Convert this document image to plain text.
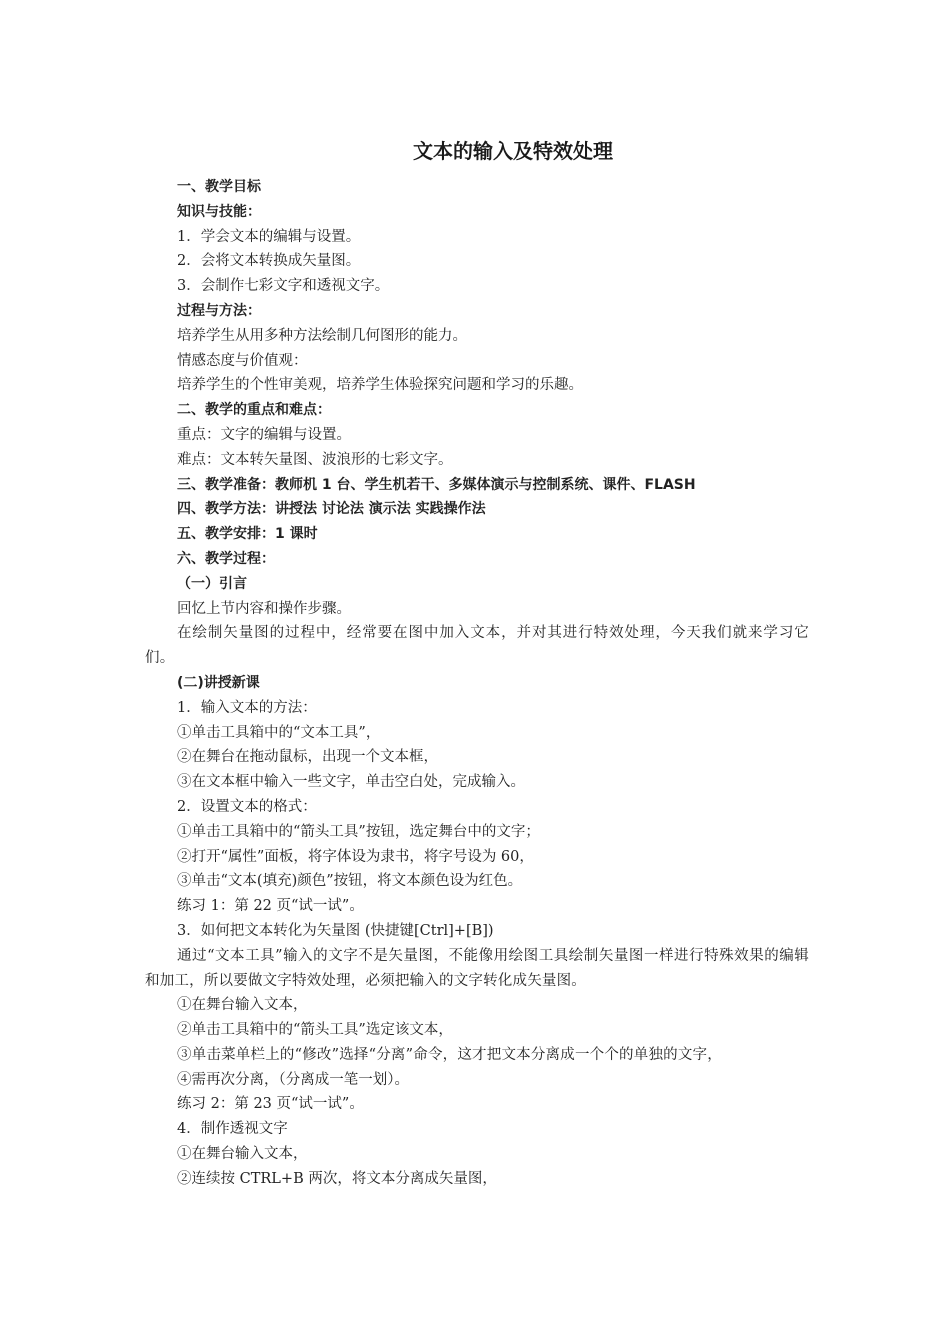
文本的输入及特效处理
一、教学目标
知识与技能：
1．学会文本的编辑与设置。
2．会将文本转换成矢量图。
3．会制作七彩文字和透视文字。
过程与方法：
培养学生从用多种方法绘制几何图形的能力。
情感态度与价值观：
培养学生的个性审美观，培养学生体验探究问题和学习的乐趣。
二、教学的重点和难点：
重点：文字的编辑与设置。
难点：文本转矢量图、波浪形的七彩文字。
三、教学准备：教师机 1 台、学生机若干、多媒体演示与控制系统、课件、FLASH
四、教学方法：讲授法 讨论法 演示法 实践操作法
五、教学安排：1 课时
六、教学过程：
（一）引言
回忆上节内容和操作步骤。
在绘制矢量图的过程中，经常要在图中加入文本，并对其进行特效处理，今天我们就来学习它们。
(二)讲授新课
1．输入文本的方法：
①单击工具箱中的“文本工具”，
②在舞台在拖动鼠标，出现一个文本框，
③在文本框中输入一些文字，单击空白处，完成输入。
2．设置文本的格式：
①单击工具箱中的“箭头工具”按钮，选定舞台中的文字；
②打开“属性”面板，将字体设为隶书，将字号设为 60，
③单击“文本(填充)颜色”按钮，将文本颜色设为红色。
练习 1：第 22 页“试一试”。
3．如何把文本转化为矢量图 (快捷键[Ctrl]+[B])
通过“文本工具”输入的文字不是矢量图，不能像用绘图工具绘制矢量图一样进行特殊效果的编辑和加工，所以要做文字特效处理，必须把输入的文字转化成矢量图。
①在舞台输入文本，
②单击工具箱中的“箭头工具”选定该文本，
③单击菜单栏上的“修改”选择“分离”命令，这才把文本分离成一个个的单独的文字，
④需再次分离，（分离成一笔一划）。
练习 2：第 23 页“试一试”。
4．制作透视文字
①在舞台输入文本，
②连续按 CTRL+B 两次，将文本分离成矢量图，
